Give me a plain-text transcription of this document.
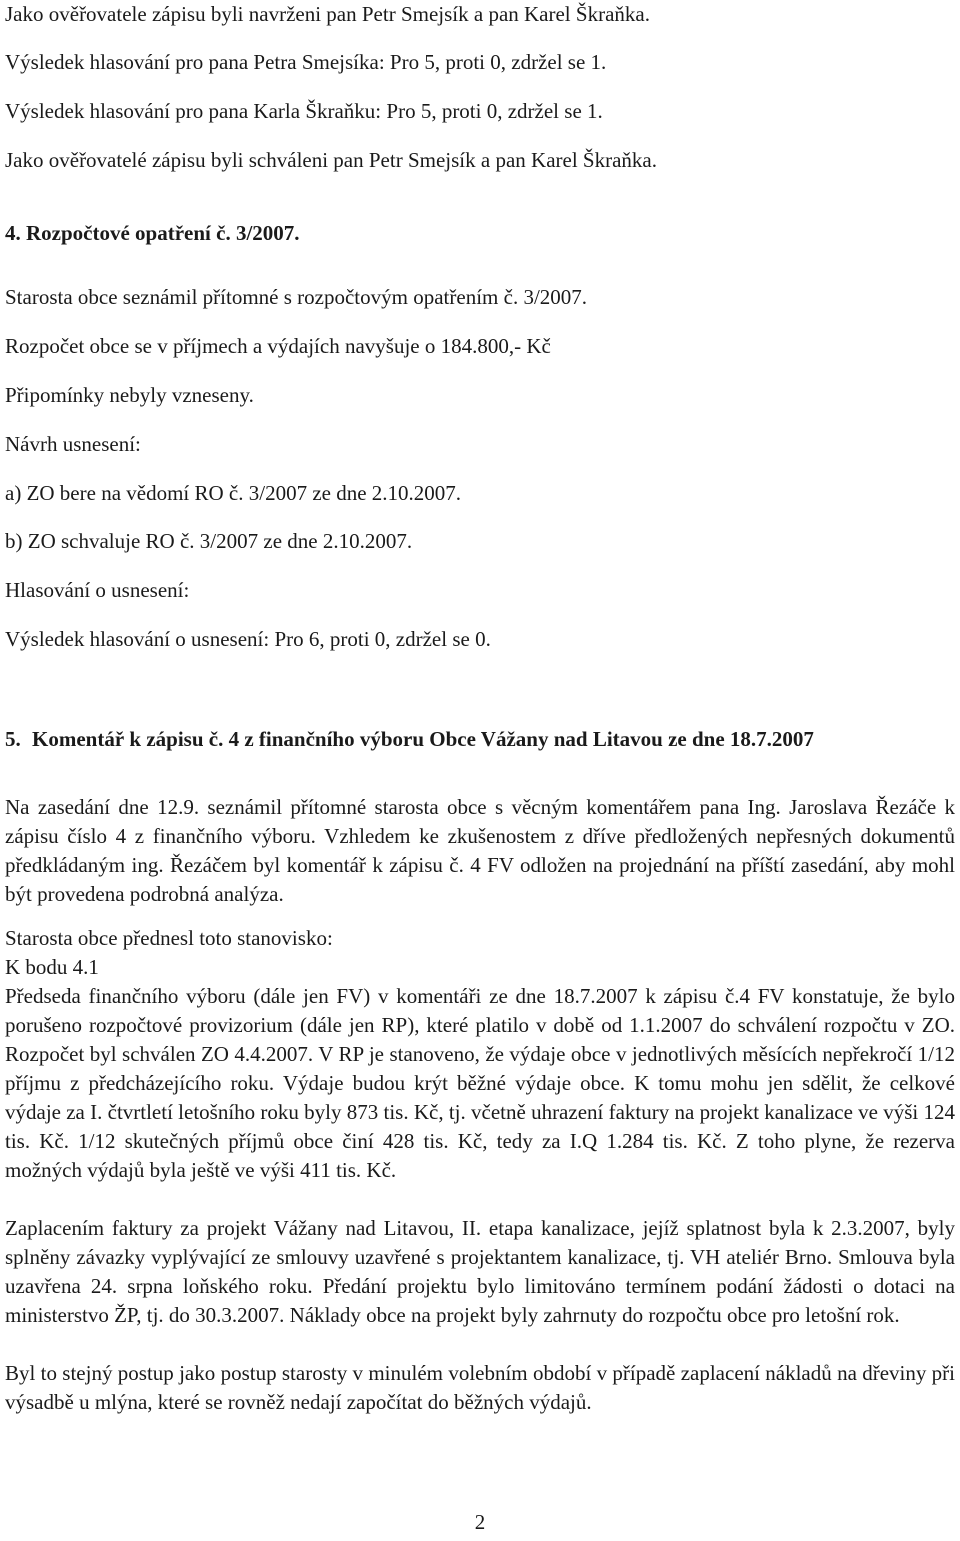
Jako ověřovatele zápisu byli navrženi pan Petr Smejsík a pan Karel Škraňka.

Výsledek hlasování pro pana Petra Smejsíka: Pro 5, proti 0, zdržel se 1.

Výsledek hlasování pro pana Karla Škraňku: Pro 5, proti 0, zdržel se 1.

Jako ověřovatelé zápisu byli schváleni pan Petr Smejsík a pan Karel Škraňka.

4. Rozpočtové opatření č. 3/2007.

Starosta obce seznámil přítomné s rozpočtovým opatřením č. 3/2007.

Rozpočet obce se v příjmech a výdajích navyšuje o 184.800,- Kč

Připomínky nebyly vzneseny.

Návrh usnesení:

a) ZO bere na vědomí RO č. 3/2007 ze dne 2.10.2007.

b) ZO schvaluje RO č. 3/2007 ze dne 2.10.2007.

Hlasování o usnesení:

Výsledek hlasování o usnesení: Pro 6, proti 0, zdržel se 0.

5. Komentář k zápisu č. 4 z finančního výboru Obce Vážany nad Litavou ze dne 18.7.2007

Na zasedání dne 12.9. seznámil přítomné starosta obce s věcným komentářem pana Ing. Jaroslava Řezáče k zápisu číslo 4 z finančního výboru. Vzhledem ke zkušenostem z dříve předložených nepřesných dokumentů předkládaným ing. Řezáčem byl komentář k zápisu č. 4 FV odložen na projednání na příští zasedání, aby mohl být provedena podrobná analýza.

Starosta obce přednesl toto stanovisko:

K bodu 4.1

Předseda finančního výboru (dále jen FV) v komentáři ze dne 18.7.2007 k zápisu č.4 FV konstatuje, že bylo porušeno rozpočtové provizorium (dále jen RP), které platilo v době od 1.1.2007 do schválení rozpočtu v ZO. Rozpočet byl schválen ZO 4.4.2007. V RP je stanoveno, že výdaje obce v jednotlivých měsících nepřekročí 1/12 příjmu z předcházejícího roku. Výdaje budou krýt běžné výdaje obce. K tomu mohu jen sdělit, že celkové výdaje za I. čtvrtletí letošního roku byly 873 tis. Kč, tj. včetně uhrazení faktury na projekt kanalizace ve výši 124 tis. Kč. 1/12 skutečných příjmů obce činí 428 tis. Kč, tedy za I.Q 1.284 tis. Kč. Z toho plyne, že rezerva možných výdajů byla ještě ve výši 411 tis. Kč.

Zaplacením faktury za projekt Vážany nad Litavou, II. etapa kanalizace, jejíž splatnost byla k 2.3.2007, byly splněny závazky vyplývající ze smlouvy uzavřené s projektantem kanalizace, tj. VH ateliér Brno. Smlouva byla uzavřena 24. srpna loňského roku. Předání projektu bylo limitováno termínem podání žádosti o dotaci na ministerstvo ŽP, tj. do 30.3.2007. Náklady obce na projekt byly zahrnuty do rozpočtu obce pro letošní rok.

Byl to stejný postup jako postup starosty v minulém volebním období v případě zaplacení nákladů na dřeviny při výsadbě u mlýna, které se rovněž nedají započítat do běžných výdajů.

2
